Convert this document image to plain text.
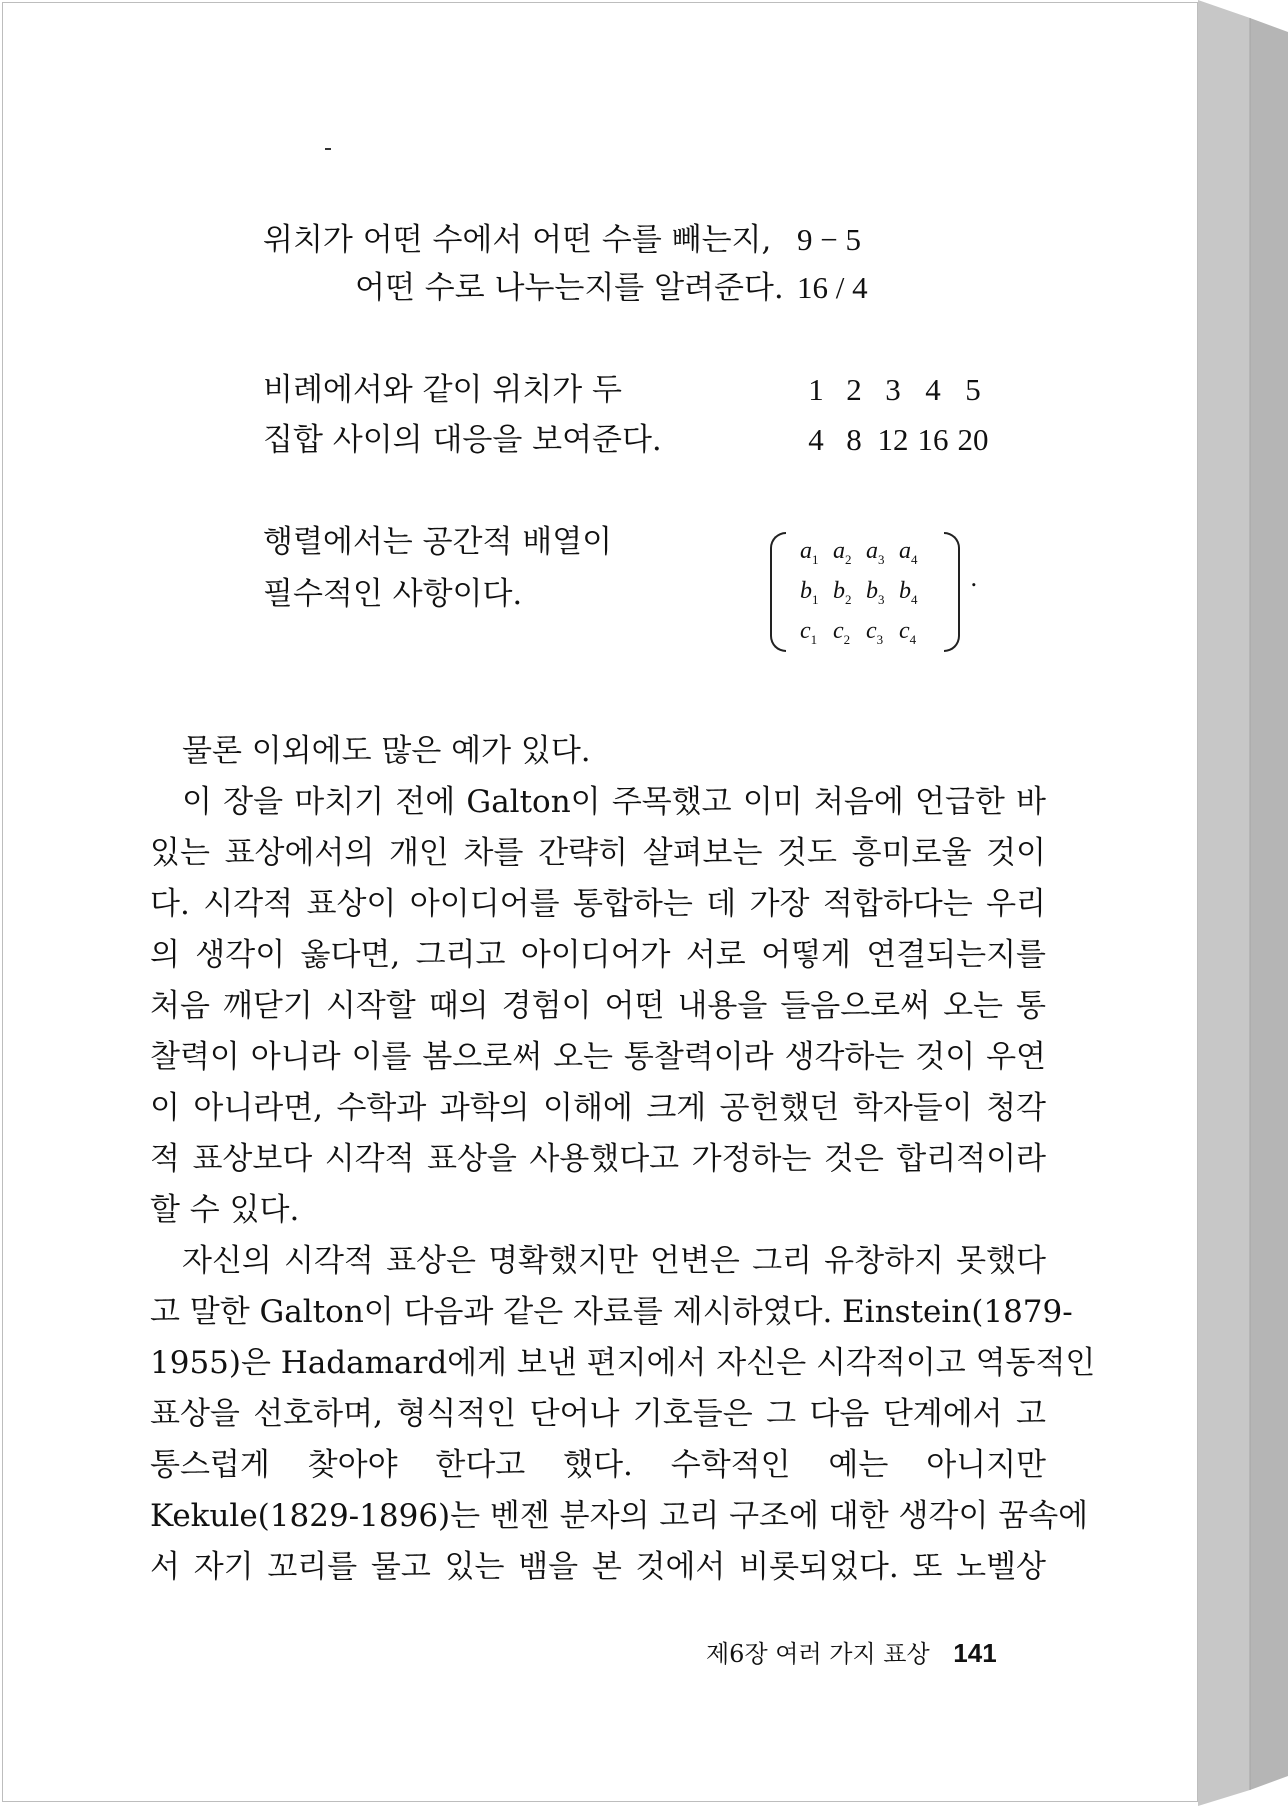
위치가 어떤 수에서 어떤 수를 빼는지, 9 − 5
어떤 수로 나누는지를 알려준다. 16 / 4
비례에서와 같이 위치가 두	1 2 3 4 5
집합 사이의 대응을 보여준다.	4 8 12 16 20
행렬에서는 공간적 배열이
필수적인 사항이다.
$a_1$ $a_2$ $a_3$ $a_4$
$b_1$ $b_2$ $b_3$ $b_4$
$c_1$ $c_2$ $c_3$ $c_4$
.
물론 이외에도 많은 예가 있다.
이 장을 마치기 전에 Galton이 주목했고 이미 처음에 언급한 바
있는 표상에서의 개인 차를 간략히 살펴보는 것도 흥미로울 것이
다. 시각적 표상이 아이디어를 통합하는 데 가장 적합하다는 우리
의 생각이 옳다면, 그리고 아이디어가 서로 어떻게 연결되는지를
처음 깨닫기 시작할 때의 경험이 어떤 내용을 들음으로써 오는 통
찰력이 아니라 이를 봄으로써 오는 통찰력이라 생각하는 것이 우연
이 아니라면, 수학과 과학의 이해에 크게 공헌했던 학자들이 청각
적 표상보다 시각적 표상을 사용했다고 가정하는 것은 합리적이라
할 수 있다.
자신의 시각적 표상은 명확했지만 언변은 그리 유창하지 못했다
고 말한 Galton이 다음과 같은 자료를 제시하였다. Einstein(1879-
1955)은 Hadamard에게 보낸 편지에서 자신은 시각적이고 역동적인
표상을 선호하며, 형식적인 단어나 기호들은 그 다음 단계에서 고
통스럽게 찾아야 한다고 했다. 수학적인 예는 아니지만
Kekule(1829-1896)는 벤젠 분자의 고리 구조에 대한 생각이 꿈속에
서 자기 꼬리를 물고 있는 뱀을 본 것에서 비롯되었다. 또 노벨상
제6장 여러 가지 표상 141
